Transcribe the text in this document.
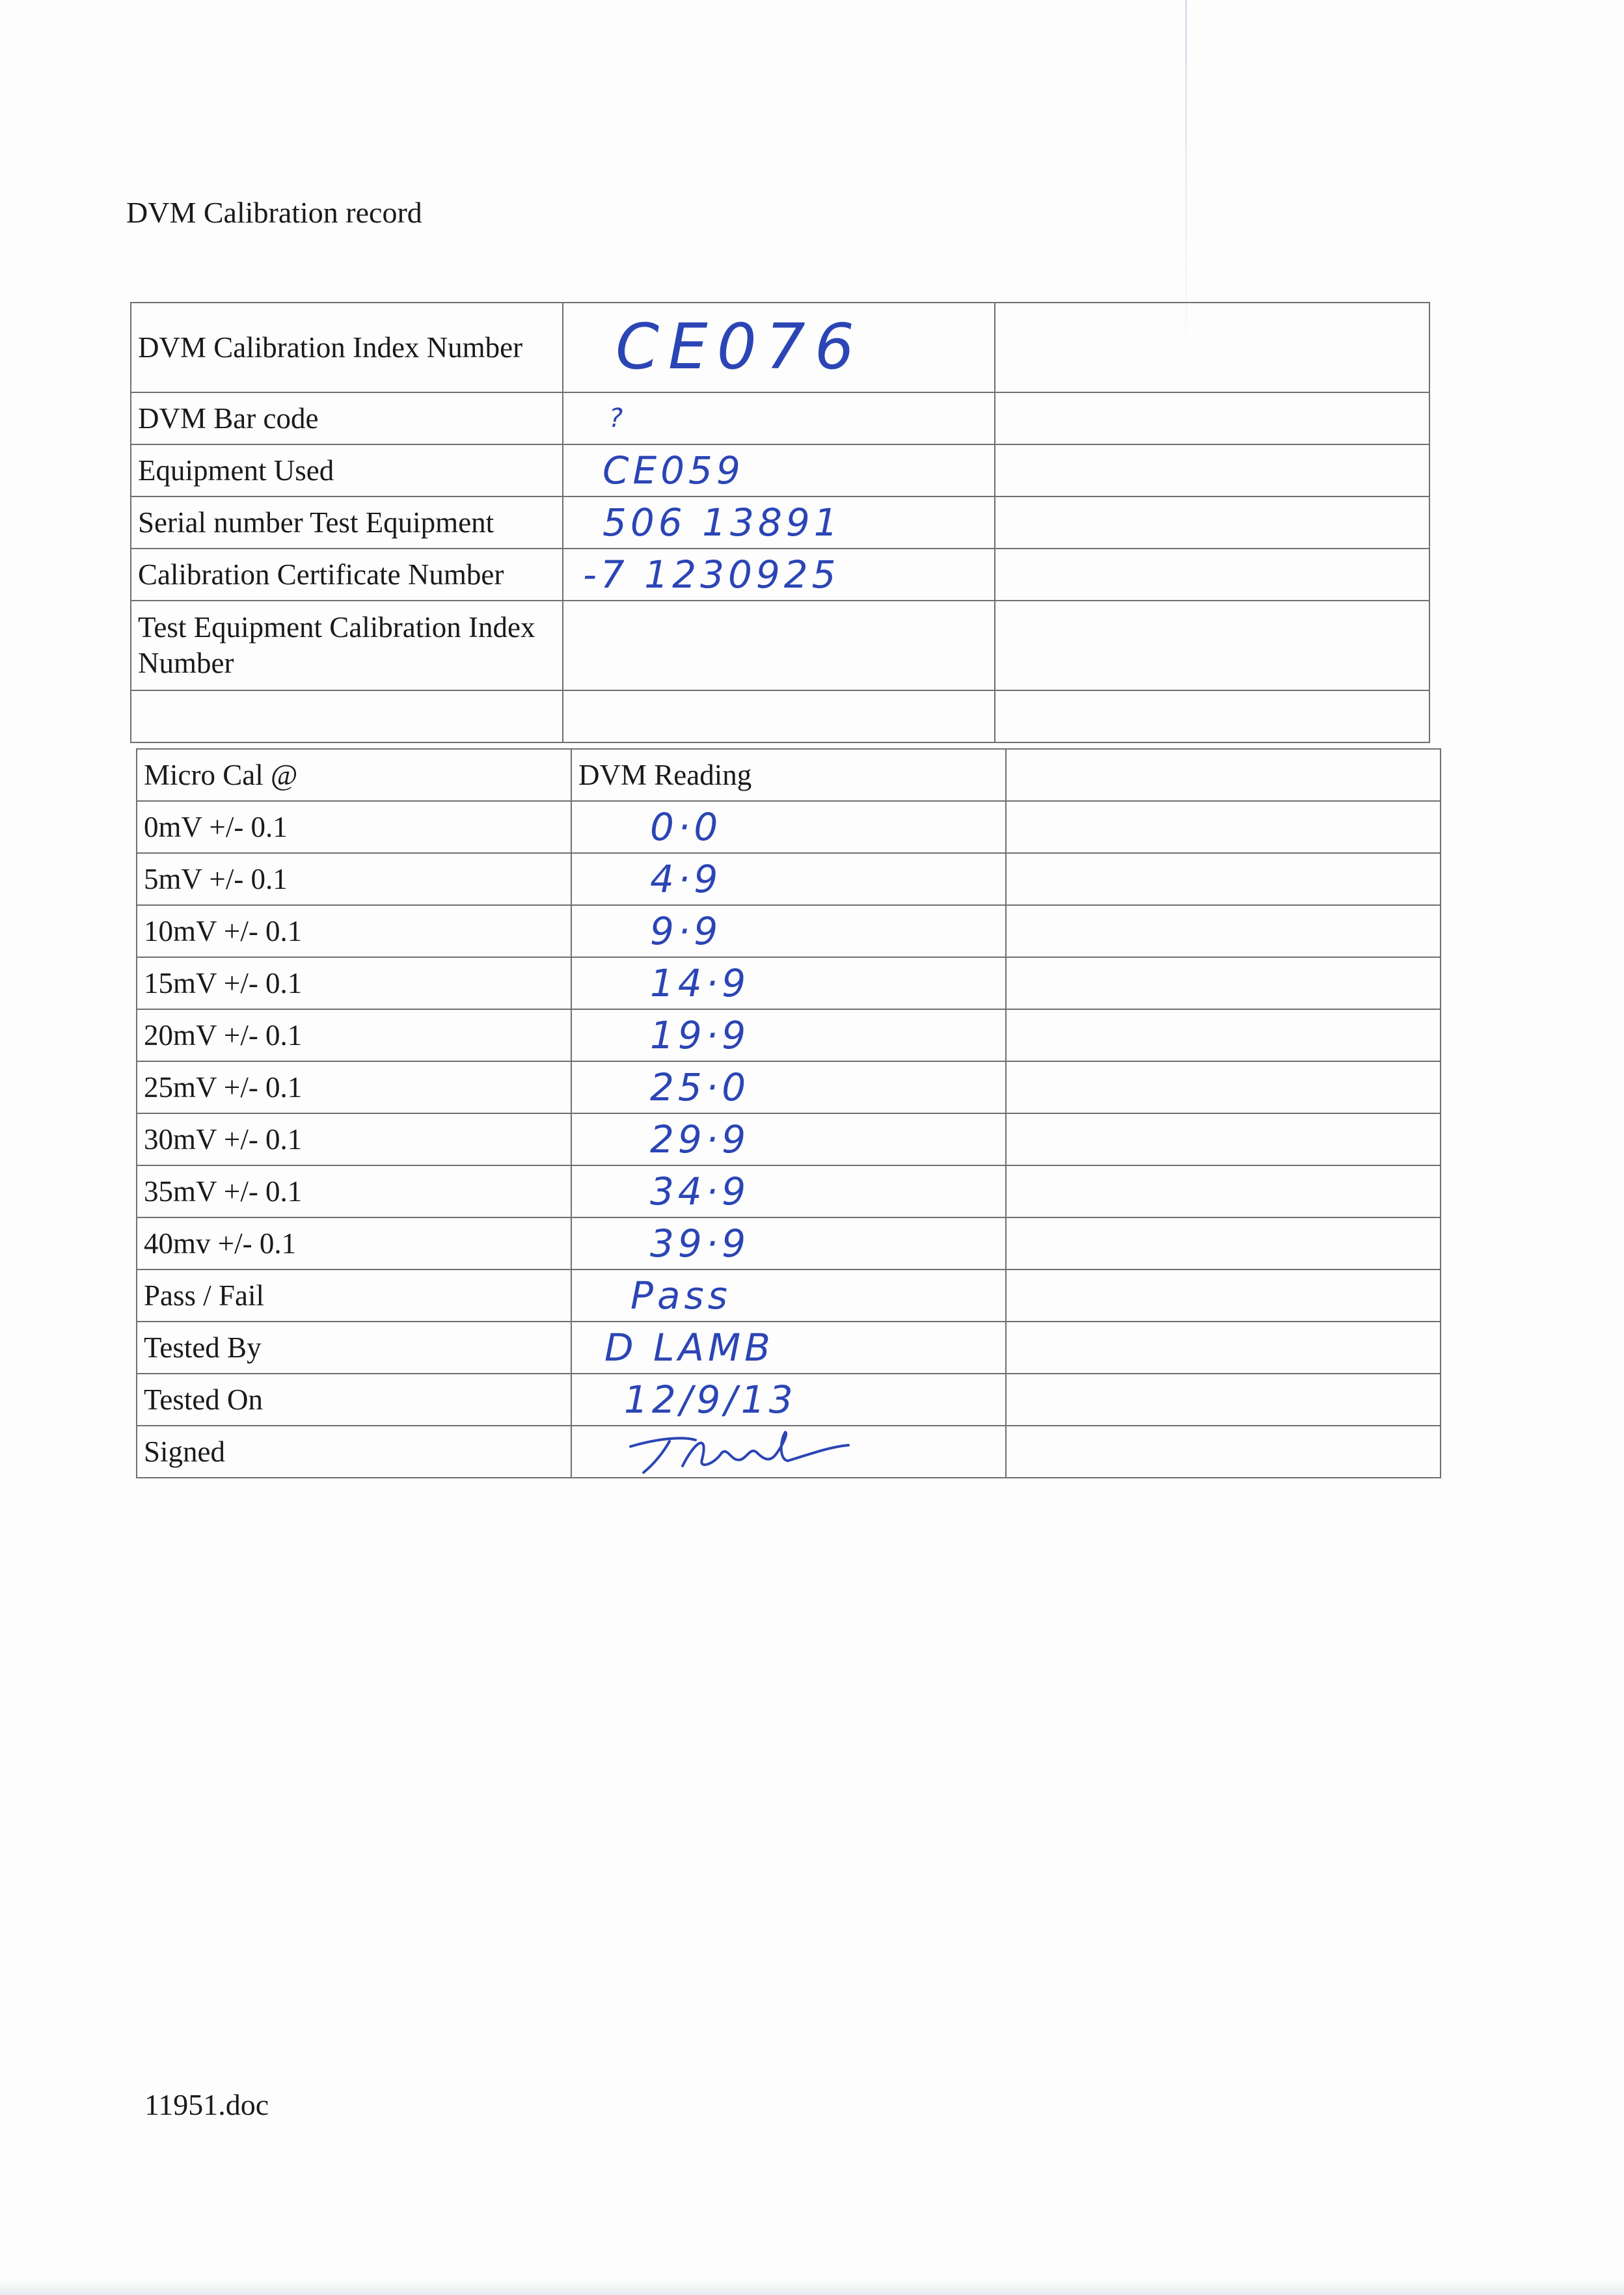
DVM Calibration record
DVM Calibration Index Number	CE076	
DVM Bar code	?	
Equipment Used	CE059	
Serial number Test Equipment	506 13891	
Calibration Certificate Number	-7 1230925	
Test Equipment Calibration Index Number		

Micro Cal @	DVM Reading	
0mV +/- 0.1	0·0	
5mV +/- 0.1	4·9	
10mV +/- 0.1	9·9	
15mV +/- 0.1	14·9	
20mV +/- 0.1	19·9	
25mV +/- 0.1	25·0	
30mV +/- 0.1	29·9	
35mV +/- 0.1	34·9	
40mv +/- 0.1	39·9	
Pass / Fail	Pass	
Tested By	D LAMB	
Tested On	12/9/13	
Signed	

11951.doc
